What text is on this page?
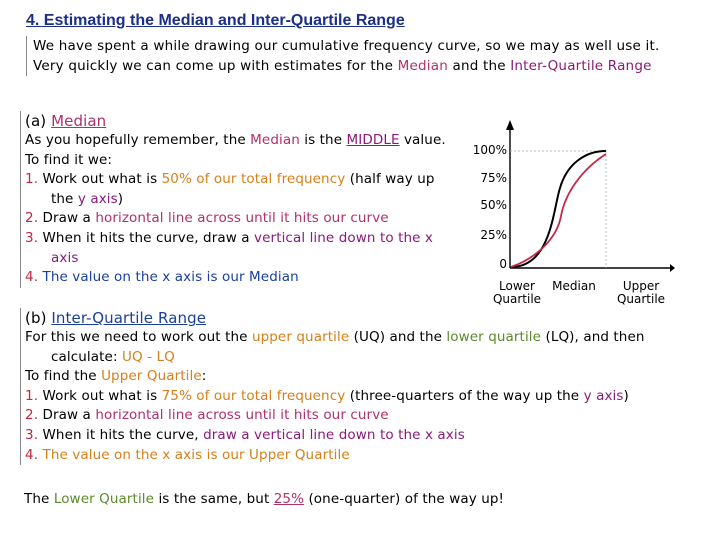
4. Estimating the Median and Inter-Quartile Range
We have spent a while drawing our cumulative frequency curve, so we may as well use it.
Very quickly we can come up with estimates for the Median and the Inter-Quartile Range
(a) Median
As you hopefully remember, the Median is the MIDDLE value.
To find it we:
1. Work out what is 50% of our total frequency (half way up
the y axis)
2. Draw a horizontal line across until it hits our curve
3. When it hits the curve, draw a vertical line down to the x
axis
4. The value on the x axis is our Median
100%
75%
50%
25%
0
Lower Quartile
Median	Upper Quartile
(b) Inter-Quartile Range
For this we need to work out the upper quartile (UQ) and the lower quartile (LQ), and then
calculate: UQ - LQ
To find the Upper Quartile:
1. Work out what is 75% of our total frequency (three-quarters of the way up the y axis)
2. Draw a horizontal line across until it hits our curve
3. When it hits the curve, draw a vertical line down to the x axis
4. The value on the x axis is our Upper Quartile
The Lower Quartile is the same, but 25% (one-quarter) of the way up!
